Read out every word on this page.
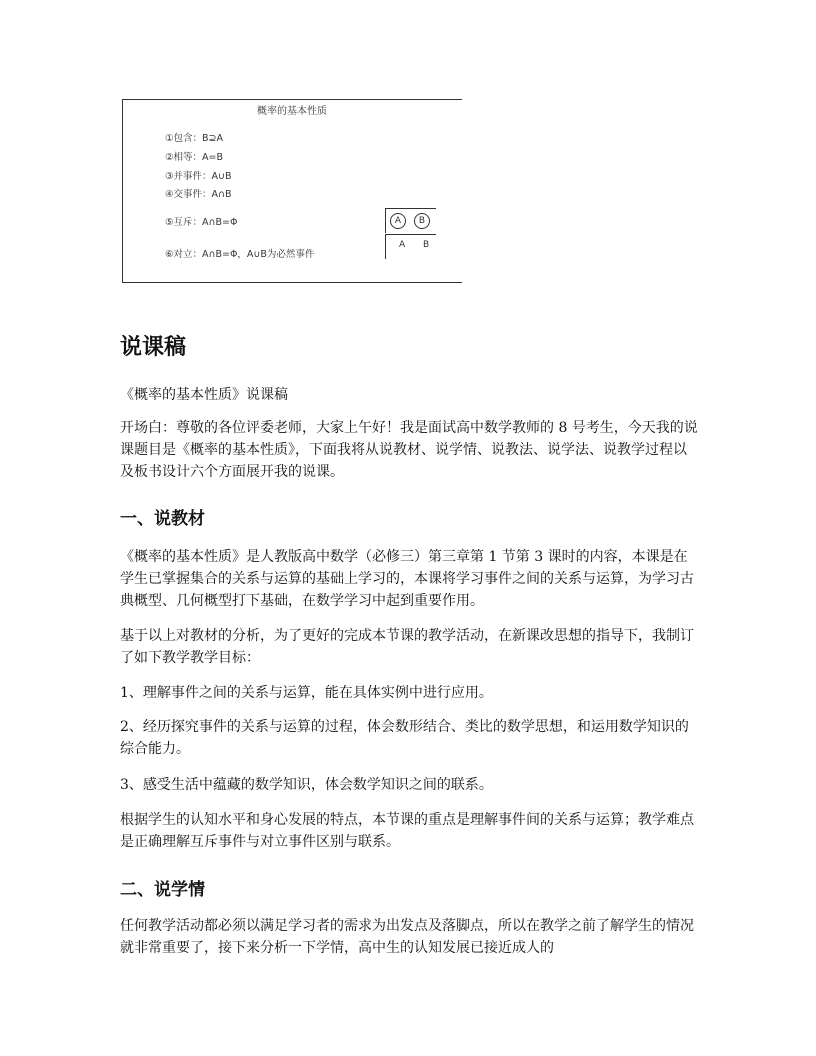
概率的基本性质
①包含：B⊇A
②相等：A=B
③并事件：A∪B
④交事件：A∩B
⑤互斥：A∩B=Φ
⑥对立：A∩B=Φ，A∪B为必然事件
A	B
A B
说课稿

《概率的基本性质》说课稿

开场白：尊敬的各位评委老师，大家上午好！我是面试高中数学教师的 8 号考生，今天我的说课题目是《概率的基本性质》，下面我将从说教材、说学情、说教法、说学法、说教学过程以及板书设计六个方面展开我的说课。

一、说教材

《概率的基本性质》是人教版高中数学（必修三）第三章第 1 节第 3 课时的内容，本课是在学生已掌握集合的关系与运算的基础上学习的，本课将学习事件之间的关系与运算，为学习古典概型、几何概型打下基础，在数学学习中起到重要作用。

基于以上对教材的分析，为了更好的完成本节课的教学活动，在新课改思想的指导下，我制订了如下教学教学目标：

1、理解事件之间的关系与运算，能在具体实例中进行应用。

2、经历探究事件的关系与运算的过程，体会数形结合、类比的数学思想，和运用数学知识的综合能力。

3、感受生活中蕴藏的数学知识，体会数学知识之间的联系。

根据学生的认知水平和身心发展的特点，本节课的重点是理解事件间的关系与运算；教学难点是正确理解互斥事件与对立事件区别与联系。

二、说学情

任何教学活动都必须以满足学习者的需求为出发点及落脚点，所以在教学之前了解学生的情况就非常重要了，接下来分析一下学情，高中生的认知发展已接近成人的
